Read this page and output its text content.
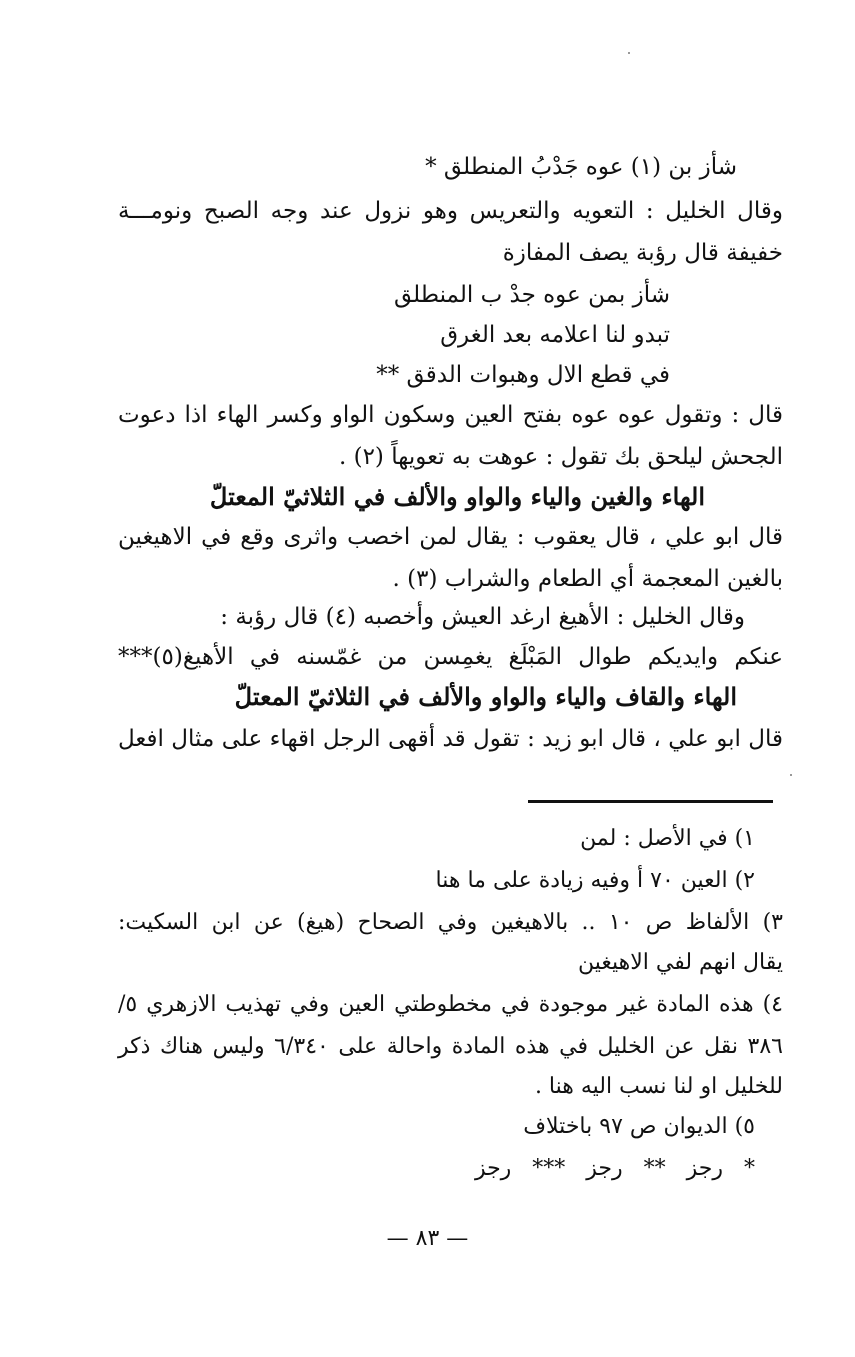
شأز بن (١) عوه جَدْبُ المنطلق *
وقال الخليل : التعويه والتعريس وهو نزول عند وجه الصبح ونومـــة
خفيفة قال رؤبة يصف المفازة
شأز بمن عوه جدْ ب المنطلق
تبدو لنا اعلامه بعد الغرق
في قطع الال وهبوات الدقق **
قال : وتقول عوه عوه بفتح العين وسكون الواو وكسر الهاء اذا دعوت
الجحش ليلحق بك تقول : عوهت به تعويهاً (٢) .
الهاء والغين والياء والواو والألف في الثلاثيّ المعتلّ
قال ابو علي ، قال يعقوب : يقال لمن اخصب واثرى وقع في الاهيغين
بالغين المعجمة أي الطعام والشراب (٣) .
وقال الخليل : الأهيغ ارغد العيش وأخصبه (٤) قال رؤبة :
عنكم وايديكم طوال المَبْلَغ يغمِسن من غمّسنه في الأهيغ(٥)***
الهاء والقاف والياء والواو والألف في الثلاثيّ المعتلّ
قال ابو علي ، قال ابو زيد : تقول قد أقهى الرجل اقهاء على مثال افعل
١) في الأصل : لمن
٢) العين ٧٠ أ وفيه زيادة على ما هنا
٣) الألفاظ ص ١٠ .. بالاهيغين وفي الصحاح (هيغ) عن ابن السكيت:
يقال انهم لفي الاهيغين
٤) هذه المادة غير موجودة في مخطوطتي العين وفي تهذيب الازهري ٥/
٣٨٦ نقل عن الخليل في هذه المادة واحالة على ٦/٣٤٠ وليس هناك ذكر
للخليل او لنا نسب اليه هنا .
٥) الديوان ص ٩٧ باختلاف
* رجز ** رجز *** رجز
— ٨٣ —
